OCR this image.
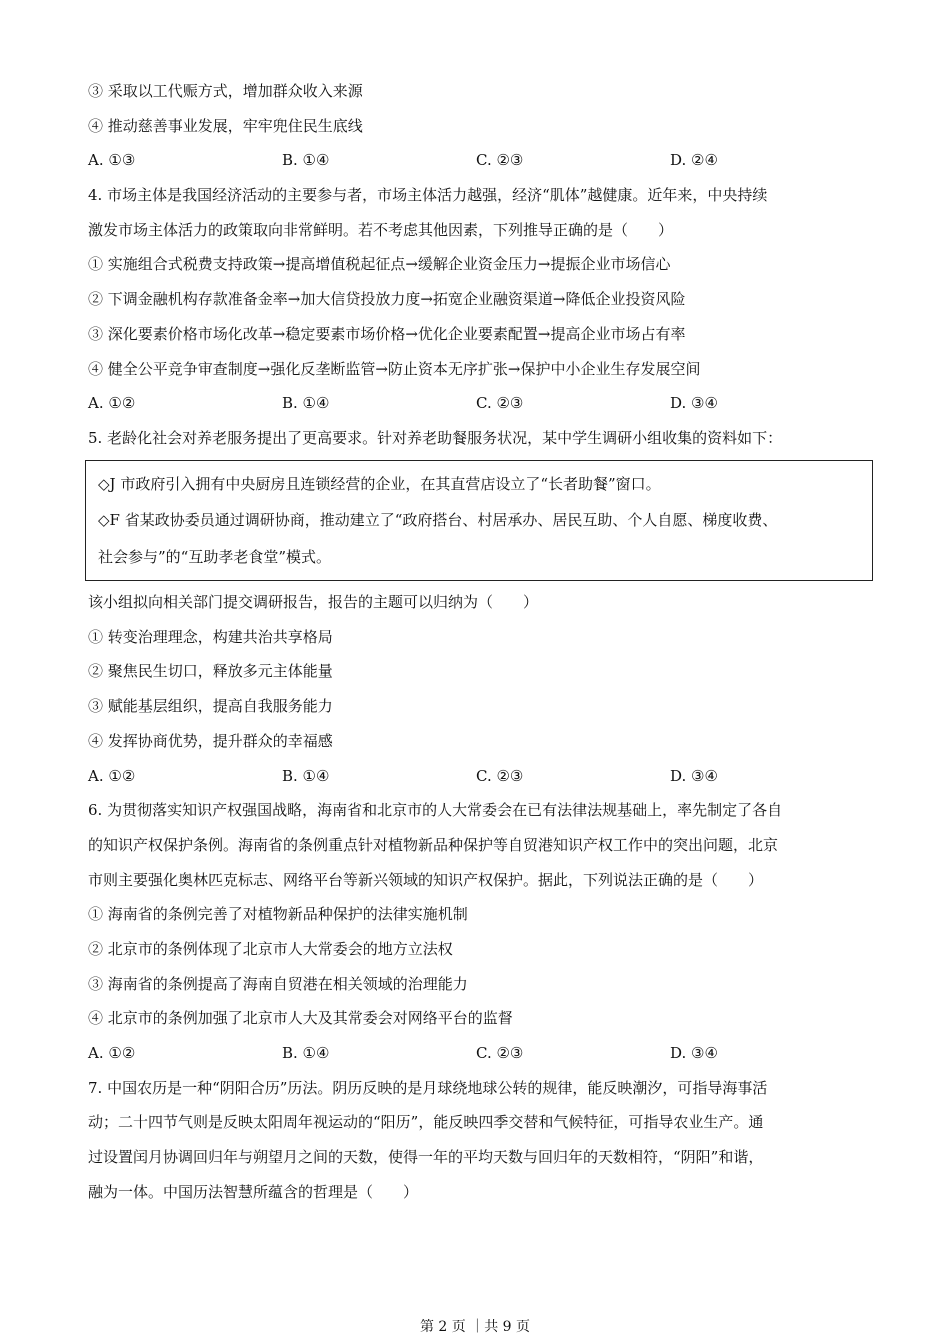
③ 采取以工代赈方式，增加群众收入来源
④ 推动慈善事业发展，牢牢兜住民生底线
A. ①③	B. ①④	C. ②③	D. ②④
4. 市场主体是我国经济活动的主要参与者，市场主体活力越强，经济“肌体”越健康。近年来，中央持续
激发市场主体活力的政策取向非常鲜明。若不考虑其他因素，下列推导正确的是（　　）
① 实施组合式税费支持政策→提高增值税起征点→缓解企业资金压力→提振企业市场信心
② 下调金融机构存款准备金率→加大信贷投放力度→拓宽企业融资渠道→降低企业投资风险
③ 深化要素价格市场化改革→稳定要素市场价格→优化企业要素配置→提高企业市场占有率
④ 健全公平竞争审查制度→强化反垄断监管→防止资本无序扩张→保护中小企业生存发展空间
A. ①②	B. ①④	C. ②③	D. ③④
5. 老龄化社会对养老服务提出了更高要求。针对养老助餐服务状况，某中学生调研小组收集的资料如下：
◇J 市政府引入拥有中央厨房且连锁经营的企业，在其直营店设立了“长者助餐”窗口。
◇F 省某政协委员通过调研协商，推动建立了“政府搭台、村居承办、居民互助、个人自愿、梯度收费、
社会参与”的“互助孝老食堂”模式。
该小组拟向相关部门提交调研报告，报告的主题可以归纳为（　　）
① 转变治理理念，构建共治共享格局
② 聚焦民生切口，释放多元主体能量
③ 赋能基层组织，提高自我服务能力
④ 发挥协商优势，提升群众的幸福感
A. ①②	B. ①④	C. ②③	D. ③④
6. 为贯彻落实知识产权强国战略，海南省和北京市的人大常委会在已有法律法规基础上，率先制定了各自
的知识产权保护条例。海南省的条例重点针对植物新品种保护等自贸港知识产权工作中的突出问题，北京
市则主要强化奥林匹克标志、网络平台等新兴领域的知识产权保护。据此，下列说法正确的是（　　）
① 海南省的条例完善了对植物新品种保护的法律实施机制
② 北京市的条例体现了北京市人大常委会的地方立法权
③ 海南省的条例提高了海南自贸港在相关领域的治理能力
④ 北京市的条例加强了北京市人大及其常委会对网络平台的监督
A. ①②	B. ①④	C. ②③	D. ③④
7. 中国农历是一种“阴阳合历”历法。阴历反映的是月球绕地球公转的规律，能反映潮汐，可指导海事活
动；二十四节气则是反映太阳周年视运动的“阳历”，能反映四季交替和气候特征，可指导农业生产。通
过设置闰月协调回归年与朔望月之间的天数，使得一年的平均天数与回归年的天数相符，“阴阳”和谐，
融为一体。中国历法智慧所蕴含的哲理是（　　）
第 2 页 ｜共 9 页
